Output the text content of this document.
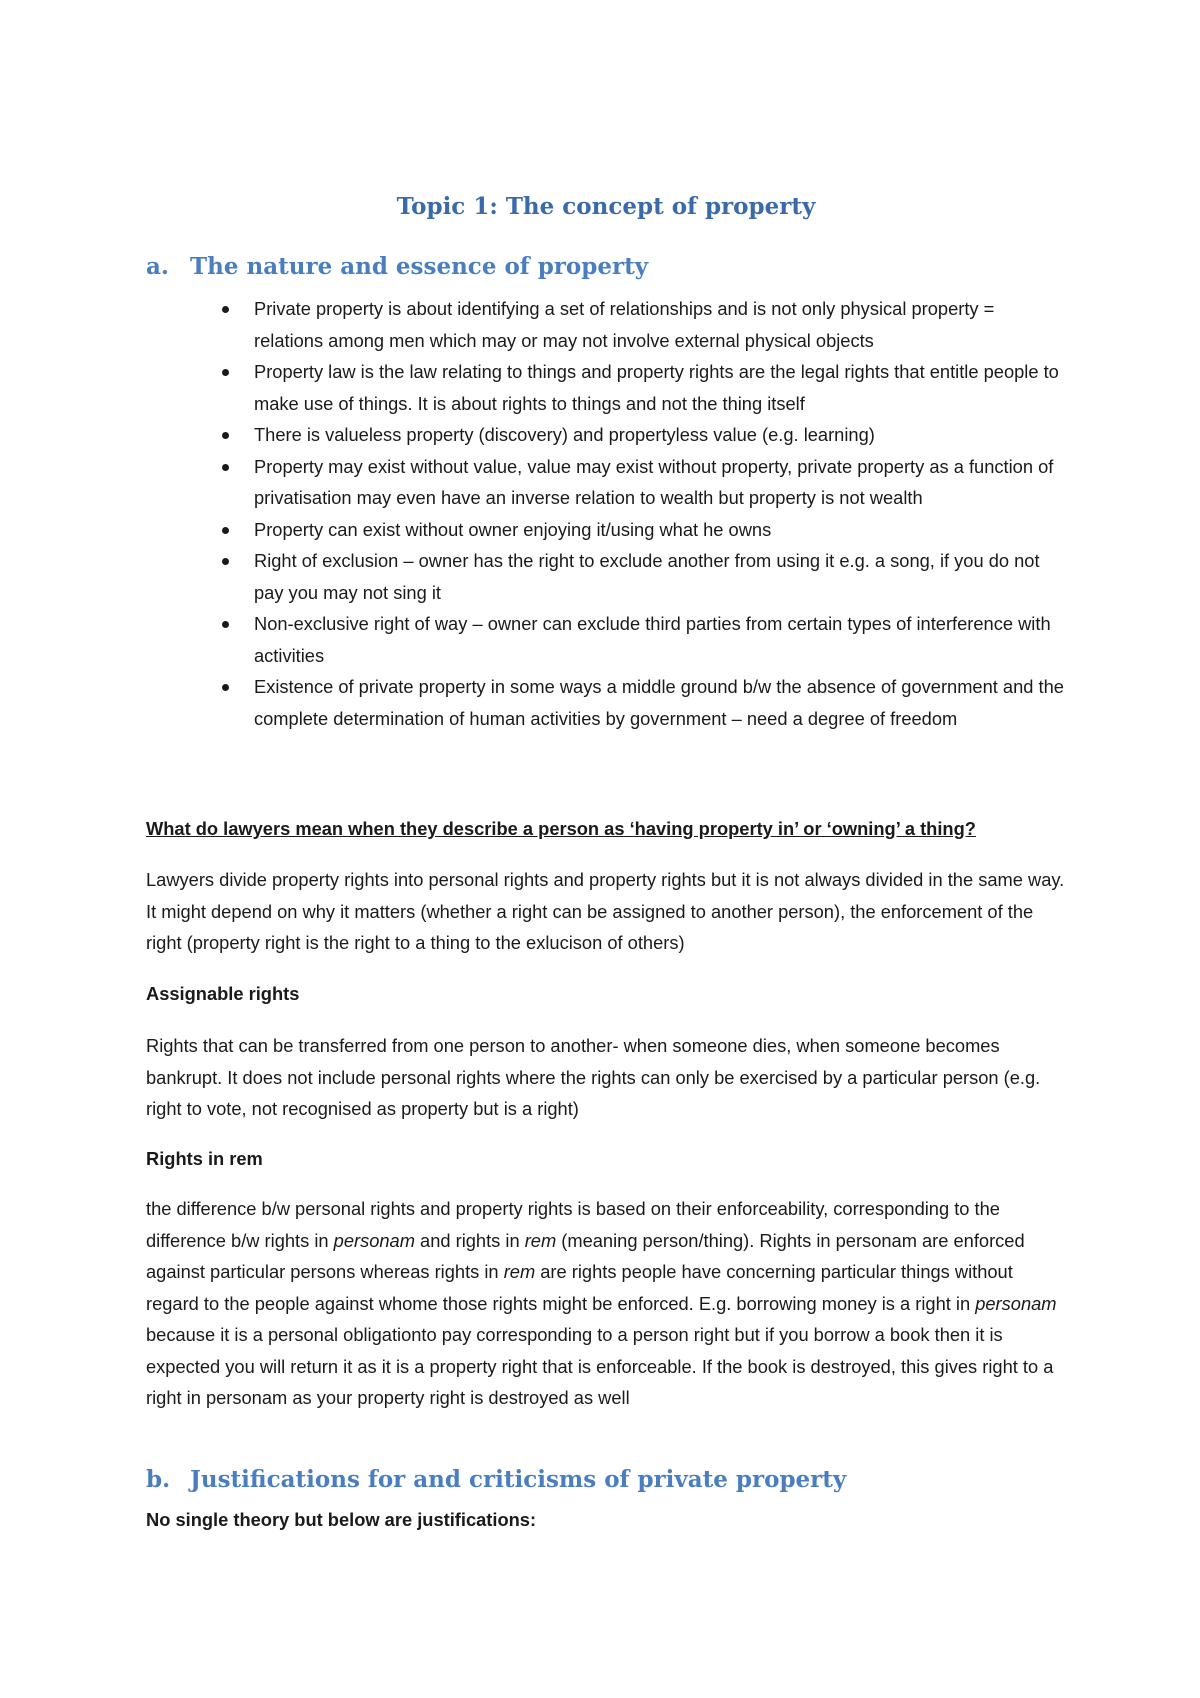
Topic 1: The concept of property
a. The nature and essence of property
Private property is about identifying a set of relationships and is not only physical property = relations among men which may or may not involve external physical objects
Property law is the law relating to things and property rights are the legal rights that entitle people to make use of things. It is about rights to things and not the thing itself
There is valueless property (discovery) and propertyless value (e.g. learning)
Property may exist without value, value may exist without property, private property as a function of privatisation may even have an inverse relation to wealth but property is not wealth
Property can exist without owner enjoying it/using what he owns
Right of exclusion – owner has the right to exclude another from using it e.g. a song, if you do not pay you may not sing it
Non-exclusive right of way – owner can exclude third parties from certain types of interference with activities
Existence of private property in some ways a middle ground b/w the absence of government and the complete determination of human activities by government – need a degree of freedom

What do lawyers mean when they describe a person as ‘having property in’ or ‘owning’ a thing?

Lawyers divide property rights into personal rights and property rights but it is not always divided in the same way. It might depend on why it matters (whether a right can be assigned to another person), the enforcement of the right (property right is the right to a thing to the exlucison of others)

Assignable rights

Rights that can be transferred from one person to another- when someone dies, when someone becomes bankrupt. It does not include personal rights where the rights can only be exercised by a particular person (e.g. right to vote, not recognised as property but is a right)

Rights in rem

the difference b/w personal rights and property rights is based on their enforceability, corresponding to the difference b/w rights in personam and rights in rem (meaning person/thing). Rights in personam are enforced against particular persons whereas rights in rem are rights people have concerning particular things without regard to the people against whome those rights might be enforced. E.g. borrowing money is a right in personam because it is a personal obligationto pay corresponding to a person right but if you borrow a book then it is expected you will return it as it is a property right that is enforceable. If the book is destroyed, this gives right to a right in personam as your property right is destroyed as well

b. Justifications for and criticisms of private property

No single theory but below are justifications:
